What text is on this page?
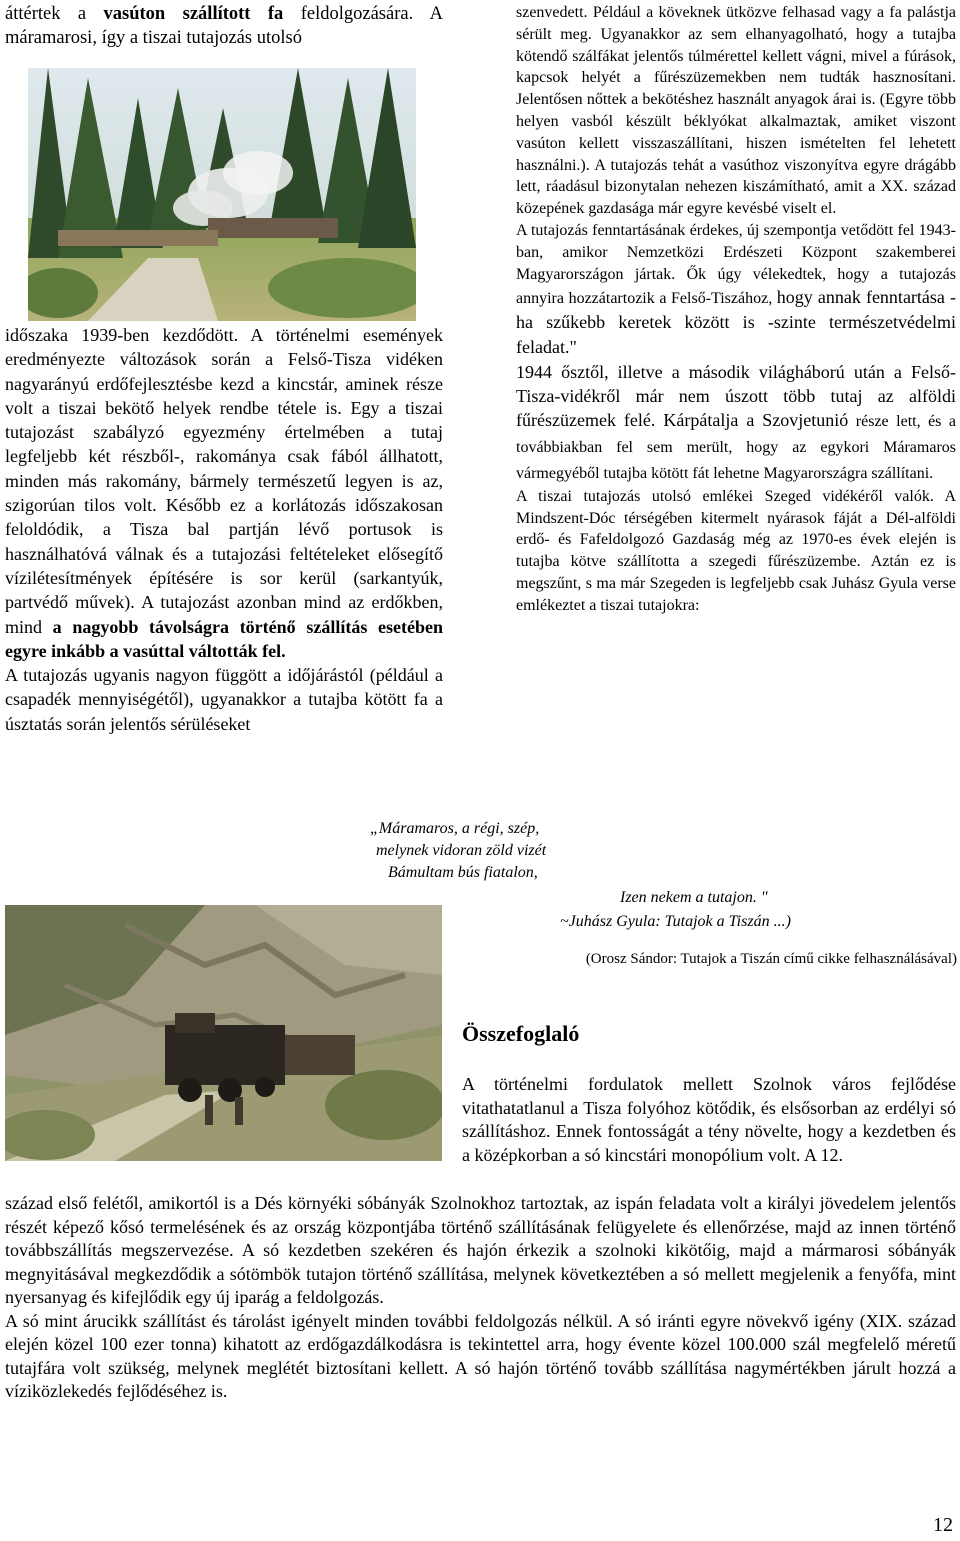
áttértek a vasúton szállított fa feldolgozására. A máramarosi, így a tiszai tutajozás utolsó

időszaka 1939-ben kezdődött. A történelmi események eredményezte változások során a Felső-Tisza vidéken nagyarányú erdőfejlesztésbe kezd a kincstár, aminek része volt a tiszai bekötő helyek rendbe tétele is. Egy a tiszai tutajozást szabályzó egyezmény értelmében a tutaj legfeljebb két részből-, rakománya csak fából állhatott, minden más rakomány, bármely természetű legyen is az, szigorúan tilos volt. Később ez a korlátozás időszakosan feloldódik, a Tisza bal partján lévő portusok is használhatóvá válnak és a tutajozási feltételeket elősegítő vízilétesítmények építésére is sor kerül (sarkantyúk, partvédő művek). A tutajozást azonban mind az erdőkben, mind a nagyobb távolságra történő szállítás esetében egyre inkább a vasúttal váltották fel.

A tutajozás ugyanis nagyon függött a időjárástól (például a csapadék mennyiségétől), ugyanakkor a tutajba kötött fa a úsztatás során jelentős sérüléseket

szenvedett. Például a köveknek ütközve felhasad vagy a fa palástja sérült meg. Ugyanakkor az sem elhanyagolható, hogy a tutajba kötendő szálfákat jelentős túlmérettel kellett vágni, mivel a fúrások, kapcsok helyét a fűrészüzemekben nem tudták hasznosítani. Jelentősen nőttek a bekötéshez használt anyagok árai is. (Egyre több helyen vasból készült béklyókat alkalmaztak, amiket viszont vasúton kellett visszaszállítani, hiszen ismételten fel lehetett használni.). A tutajozás tehát a vasúthoz viszonyítva egyre drágább lett, ráadásul bizonytalan nehezen kiszámítható, amit a XX. század közepének gazdasága már egyre kevésbé viselt el.

A tutajozás fenntartásának érdekes, új szempontja vetődött fel 1943-ban, amikor Nemzetközi Erdészeti Központ szakemberei Magyarországon jártak. Ők úgy vélekedtek, hogy a tutajozás annyira hozzátartozik a Felső-Tiszához, hogy annak fenntartása -ha szűkebb keretek között is -szinte természetvédelmi feladat."

1944 ősztől, illetve a második világháború után a Felső- Tisza-vidékről már nem úszott több tutaj az alföldi fűrészüzemek felé. Kárpátalja a Szovjetunió része lett, és a továbbiakban fel sem merült, hogy az egykori Máramaros vármegyéből tutajba kötött fát lehetne Magyarországra szállítani.

A tiszai tutajozás utolsó emlékei Szeged vidékéről valók. A Mindszent-Dóc térségében kitermelt nyárasok fáját a Dél-alföldi erdő- és Fafeldolgozó Gazdaság még az 1970-es évek elején is tutajba kötve szállította a szegedi fűrészüzembe. Aztán ez is megszűnt, s ma már Szegeden is legfeljebb csak Juhász Gyula verse emlékeztet a tiszai tutajokra:

„Máramaros, a régi, szép,
melynek vidoran zöld vizét
Bámultam bús fiatalon,
Izen nekem a tutajon. "
~Juhász Gyula: Tutajok a Tiszán ...)
(Orosz Sándor: Tutajok a Tiszán című cikke felhasználásával)
Összefoglaló

A történelmi fordulatok mellett Szolnok város fejlődése vitathatatlanul a Tisza folyóhoz kötődik, és elsősorban az erdélyi só szállításhoz. Ennek fontosságát a tény növelte, hogy a kezdetben és a középkorban a só kincstári monopólium volt. A 12.

század első felétől, amikortól is a Dés környéki sóbányák Szolnokhoz tartoztak, az ispán feladata volt a királyi jövedelem jelentős részét képező kősó termelésének és az ország központjába történő szállításának felügyelete és ellenőrzése, majd az innen történő továbbszállítás megszervezése. A só kezdetben szekéren és hajón érkezik a szolnoki kikötőig, majd a mármarosi sóbányák megnyitásával megkezdődik a sótömbök tutajon történő szállítása, melynek következtében a só mellett megjelenik a fenyőfa, mint nyersanyag és kifejlődik egy új iparág a feldolgozás.

A só mint árucikk szállítást és tárolást igényelt minden további feldolgozás nélkül. A só iránti egyre növekvő igény (XIX. század elején közel 100 ezer tonna) kihatott az erdőgazdálkodásra is tekintettel arra, hogy évente közel 100.000 szál megfelelő méretű tutajfára volt szükség, melynek meglétét biztosítani kellett. A só hajón történő tovább szállítása nagymértékben járult hozzá a víziközlekedés fejlődéséhez is.

12
